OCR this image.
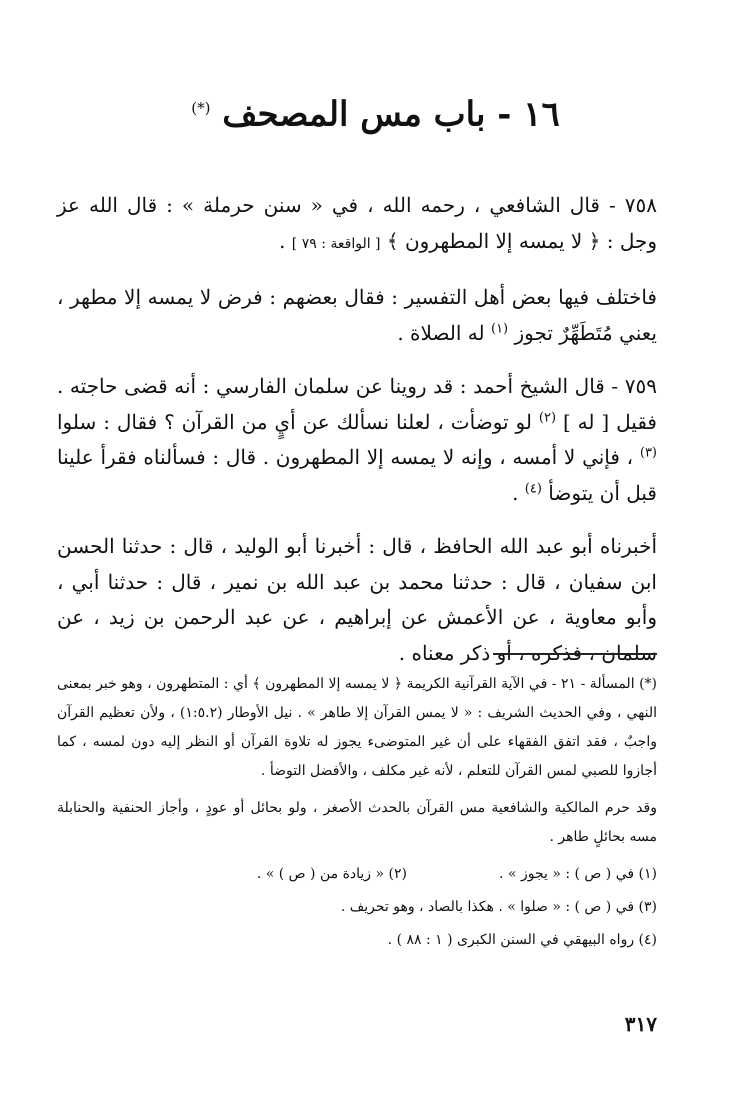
١٦ - باب مس المصحف (*)

٧٥٨ - قال الشافعي ، رحمه الله ، في « سنن حرملة » : قال الله عز وجل : ﴿ لا يمسه إلا المطهرون ﴾ [ الواقعة : ٧٩ ] .

فاختلف فيها بعض أهل التفسير : فقال بعضهم : فرض لا يمسه إلا مطهر ، يعني مُتَطَهِّرٌ تجوز $^{(١)}$ له الصلاة .

٧٥٩ - قال الشيخ أحمد : قد روينا عن سلمان الفارسي : أنه قضى حاجته . فقيل [ له ] $^{(٢)}$ لو توضأت ، لعلنا نسألك عن أيٍ من القرآن ؟ فقال : سلوا $^{(٣)}$ ، فإني لا أمسه ، وإنه لا يمسه إلا المطهرون . قال : فسألناه فقرأ علينا قبل أن يتوضأ $^{(٤)}$ .

أخبرناه أبو عبد الله الحافظ ، قال : أخبرنا أبو الوليد ، قال : حدثنا الحسن ابن سفيان ، قال : حدثنا محمد بن عبد الله بن نمير ، قال : حدثنا أبي ، وأبو معاوية ، عن الأعمش عن إبراهيم ، عن عبد الرحمن بن زيد ، عن سلمان ، فذكره ، أو ذكر معناه .

(*) المسألة - ٢١ - في الآية القرآنية الكريمة ﴿ لا يمسه إلا المطهرون ﴾ أي : المتطهرون ، وهو خبر بمعنى النهي ، وفي الحديث الشريف : « لا يمس القرآن إلا طاهر » . نيل الأوطار (١:٥.٢) ، ولأن تعظيم القرآن واجبٌ ، فقد اتفق الفقهاء على أن غير المتوضىء يجوز له تلاوة القرآن أو النظر إليه دون لمسه ، كما أجازوا للصبي لمس القرآن للتعلم ، لأنه غير مكلف ، والأفضل التوضأ .

وقد حرم المالكية والشافعية مس القرآن بالحدث الأصغر ، ولو بحائل أو عودٍ ، وأجاز الحنفية والحنابلة مسه بحائلٍ طاهر .

(١) في ( ص ) : « يجوز » .
(٢) « زيادة من ( ص ) » .
(٣) في ( ص ) : « صلوا » . هكذا بالصاد ، وهو تحريف .
(٤) رواه البيهقي في السنن الكبرى ( ١ : ٨٨ ) .
٣١٧
